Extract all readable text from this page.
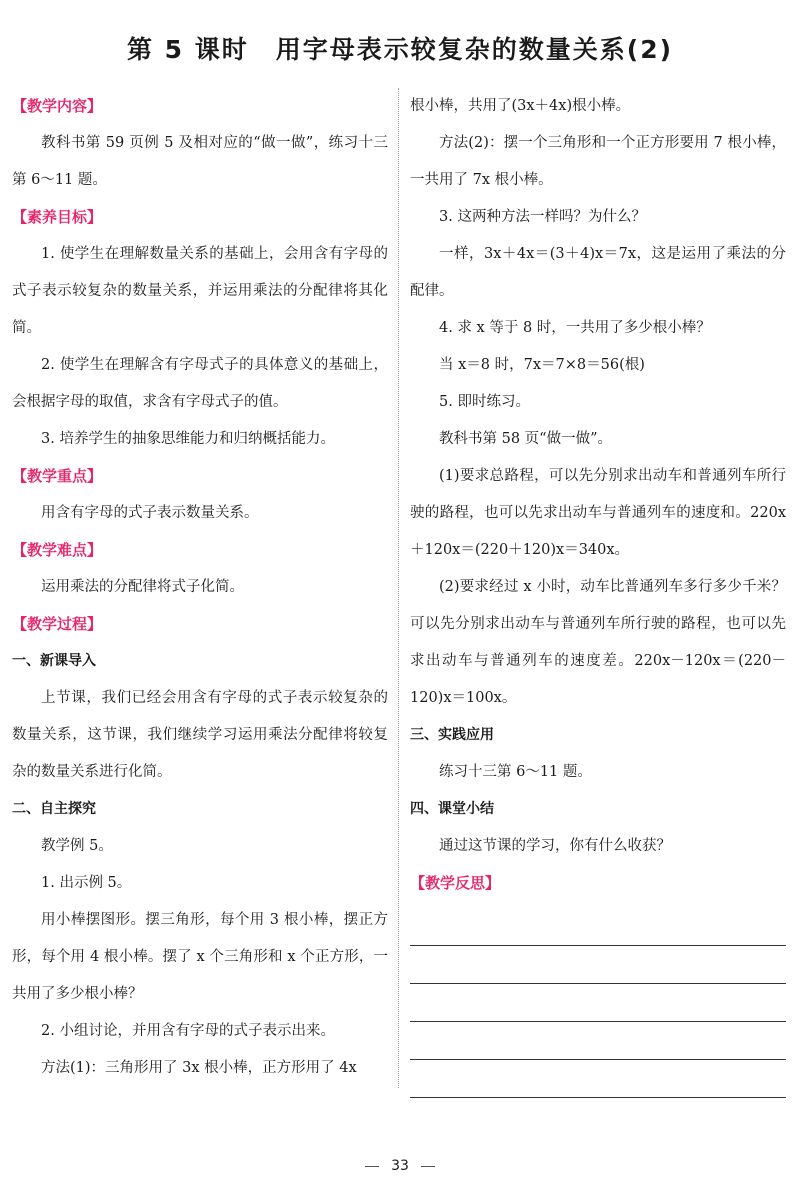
第 5 课时　用字母表示较复杂的数量关系(2)

【教学内容】

教科书第 59 页例 5 及相对应的“做一做”，练习十三第 6～11 题。

【素养目标】

1. 使学生在理解数量关系的基础上，会用含有字母的式子表示较复杂的数量关系，并运用乘法的分配律将其化简。

2. 使学生在理解含有字母式子的具体意义的基础上，会根据字母的取值，求含有字母式子的值。

3. 培养学生的抽象思维能力和归纳概括能力。

【教学重点】

用含有字母的式子表示数量关系。

【教学难点】

运用乘法的分配律将式子化简。

【教学过程】

一、新课导入

上节课，我们已经会用含有字母的式子表示较复杂的数量关系，这节课，我们继续学习运用乘法分配律将较复杂的数量关系进行化简。

二、自主探究

教学例 5。

1. 出示例 5。

用小棒摆图形。摆三角形，每个用 3 根小棒，摆正方形，每个用 4 根小棒。摆了 x 个三角形和 x 个正方形，一共用了多少根小棒？

2. 小组讨论，并用含有字母的式子表示出来。

方法(1)：三角形用了 3x 根小棒，正方形用了 4x

根小棒，共用了(3x＋4x)根小棒。

方法(2)：摆一个三角形和一个正方形要用 7 根小棒，一共用了 7x 根小棒。

3. 这两种方法一样吗？为什么？

一样，3x＋4x＝(3＋4)x＝7x，这是运用了乘法的分配律。

4. 求 x 等于 8 时，一共用了多少根小棒？

当 x＝8 时，7x＝7×8＝56(根)

5. 即时练习。

教科书第 58 页“做一做”。

(1)要求总路程，可以先分别求出动车和普通列车所行驶的路程，也可以先求出动车与普通列车的速度和。220x＋120x＝(220＋120)x＝340x。

(2)要求经过 x 小时，动车比普通列车多行多少千米？可以先分别求出动车与普通列车所行驶的路程，也可以先求出动车与普通列车的速度差。220x－120x＝(220－120)x＝100x。

三、实践应用

练习十三第 6～11 题。

四、课堂小结

通过这节课的学习，你有什么收获？

【教学反思】

33
